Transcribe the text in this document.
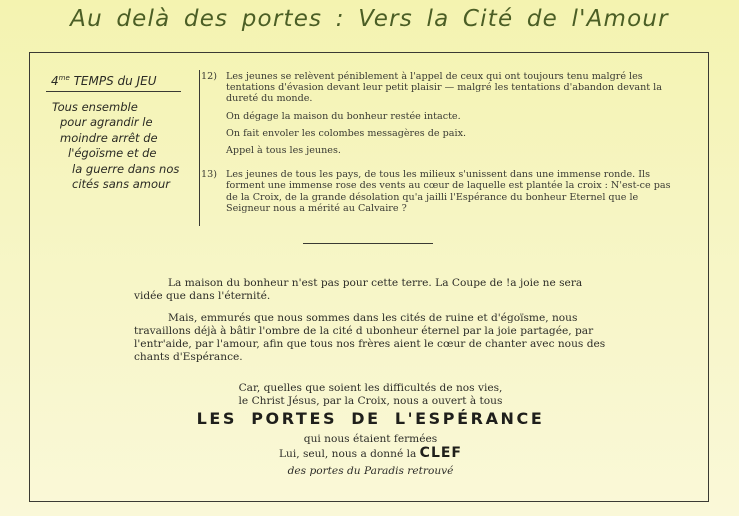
Au delà des portes : Vers la Cité de l'Amour
$4^{me}$ TEMPS du JEU
Tous ensemble
pour agrandir le
moindre arrêt de
l'égoïsme et de
la guerre dans nos
cités sans amour
12) Les jeunes se relèvent péniblement à l'appel de ceux qui ont toujours tenu malgré les tentations d'évasion devant leur petit plaisir — malgré les tentations d'abandon devant la dureté du monde.

On dégage la maison du bonheur restée intacte.

On fait envoler les colombes messagères de paix.

Appel à tous les jeunes.

13) Les jeunes de tous les pays, de tous les milieux s'unissent dans une immense ronde. Ils forment une immense rose des vents au cœur de laquelle est plantée la croix : N'est-ce pas de la Croix, de la grande désolation qu'a jailli l'Espérance du bonheur Eternel que le Seigneur nous a mérité au Calvaire ?

La maison du bonheur n'est pas pour cette terre. La Coupe de !a joie ne sera vidée que dans l'éternité.

Mais, emmurés que nous sommes dans les cités de ruine et d'égoïsme, nous travaillons déjà à bâtir l'ombre de la cité d ubonheur éternel par la joie partagée, par l'entr'aide, par l'amour, afin que tous nos frères aient le cœur de chanter avec nous des chants d'Espérance.

Car, quelles que soient les difficultés de nos vies,
le Christ Jésus, par la Croix, nous a ouvert à tous
LES PORTES DE L'ESPÉRANCE
qui nous étaient fermées
Lui, seul, nous a donné la CLEF
des portes du Paradis retrouvé
